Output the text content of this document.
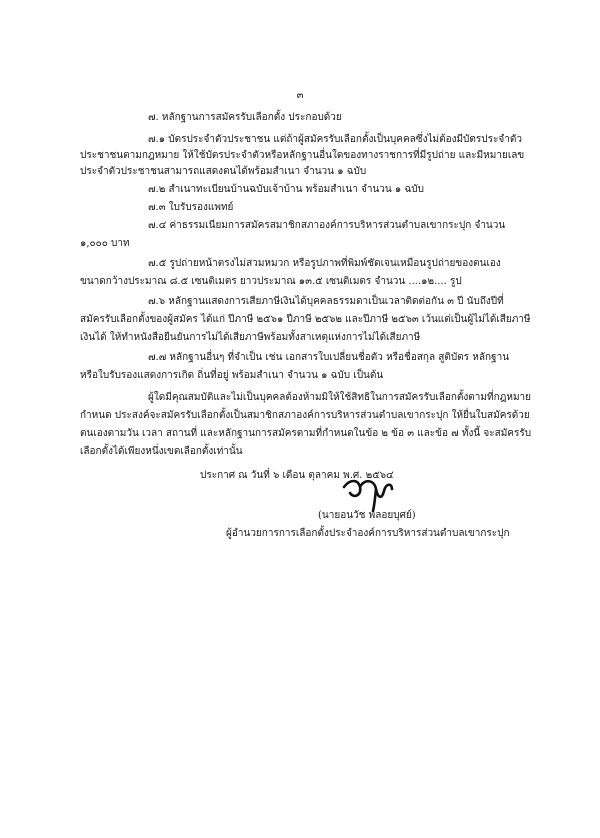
๓
๗. หลักฐานการสมัครรับเลือกตั้ง ประกอบด้วย
๗.๑ บัตรประจำตัวประชาชน แต่ถ้าผู้สมัครรับเลือกตั้งเป็นบุคคลซึ่งไม่ต้องมีบัตรประจำตัว
ประชาชนตามกฎหมาย ให้ใช้บัตรประจำตัวหรือหลักฐานอื่นใดของทางราชการที่มีรูปถ่าย และมีหมายเลข
ประจำตัวประชาชนสามารถแสดงตนได้พร้อมสำเนา จำนวน ๑ ฉบับ
๗.๒ สำเนาทะเบียนบ้านฉบับเจ้าบ้าน พร้อมสำเนา จำนวน ๑ ฉบับ
๗.๓ ใบรับรองแพทย์
๗.๔ ค่าธรรมเนียมการสมัครสมาชิกสภาองค์การบริหารส่วนตำบลเขากระปุก จำนวน
๑,๐๐๐ บาท
๗.๕ รูปถ่ายหน้าตรงไม่สวมหมวก หรือรูปภาพที่พิมพ์ชัดเจนเหมือนรูปถ่ายของตนเอง
ขนาดกว้างประมาณ ๘.๕ เซนติเมตร ยาวประมาณ ๑๓.๕ เซนติเมตร จำนวน ....๑๒.... รูป
๗.๖ หลักฐานแสดงการเสียภาษีเงินได้บุคคลธรรมดาเป็นเวลาติดต่อกัน ๓ ปี นับถึงปีที่
สมัครรับเลือกตั้งของผู้สมัคร ได้แก่ ปีภาษี ๒๕๖๑ ปีภาษี ๒๕๖๒ และปีภาษี ๒๕๖๓ เว้นแต่เป็นผู้ไม่ได้เสียภาษี
เงินได้ ให้ทำหนังสือยืนยันการไม่ได้เสียภาษีพร้อมทั้งสาเหตุแห่งการไม่ได้เสียภาษี
๗.๗ หลักฐานอื่นๆ ที่จำเป็น เช่น เอกสารใบเปลี่ยนชื่อตัว หรือชื่อสกุล สูติบัตร หลักฐาน
หรือใบรับรองแสดงการเกิด ถิ่นที่อยู่ พร้อมสำเนา จำนวน ๑ ฉบับ เป็นต้น
ผู้ใดมีคุณสมบัติและไม่เป็นบุคคลต้องห้ามมิให้ใช้สิทธิในการสมัครรับเลือกตั้งตามที่กฎหมาย
กำหนด ประสงค์จะสมัครรับเลือกตั้งเป็นสมาชิกสภาองค์การบริหารส่วนตำบลเขากระปุก ให้ยื่นใบสมัครด้วย
ตนเองตามวัน เวลา สถานที่ และหลักฐานการสมัครตามที่กำหนดในข้อ ๒ ข้อ ๓ และข้อ ๗ ทั้งนี้ จะสมัครรับ
เลือกตั้งได้เพียงหนึ่งเขตเลือกตั้งเท่านั้น
ประกาศ ณ วันที่ ๖ เดือน ตุลาคม พ.ศ. ๒๕๖๔
(นายอนวัช พลอยบุศย์)
ผู้อำนวยการการเลือกตั้งประจำองค์การบริหารส่วนตำบลเขากระปุก
